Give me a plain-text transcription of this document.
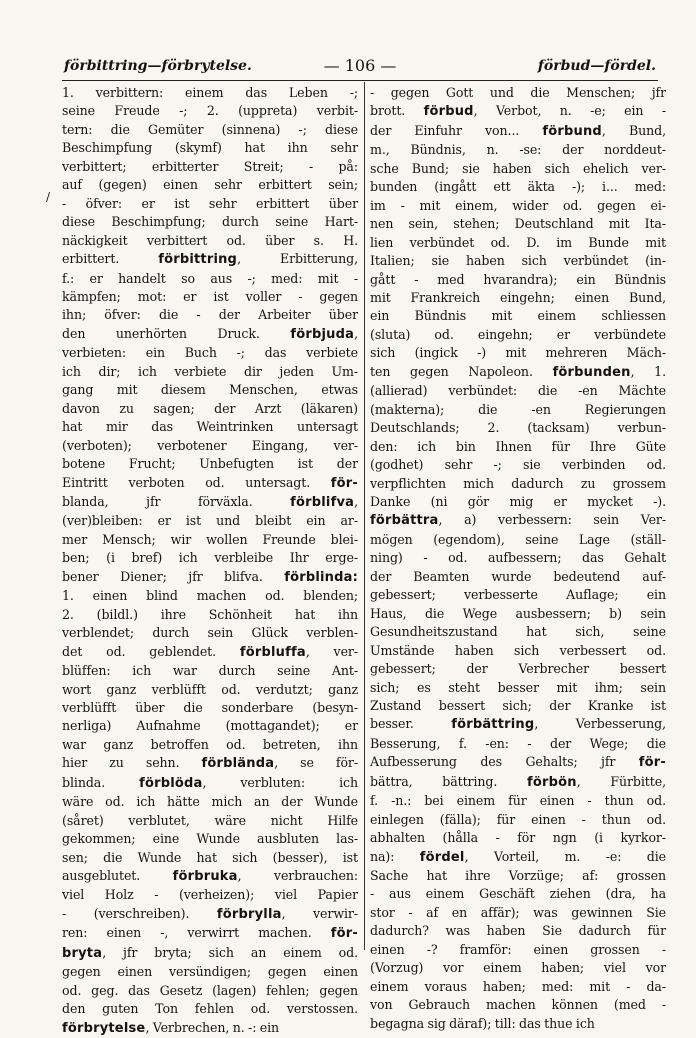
förbittring—förbrytelse.	— 106 —	förbud—fördel.
/
1. verbittern: einem das Leben -;
seine Freude -; 2. (uppreta) verbit-
tern: die Gemüter (sinnena) -; diese
Beschimpfung (skymf) hat ihn sehr
verbittert; erbitterter Streit; - på:
auf (gegen) einen sehr erbittert sein;
- öfver: er ist sehr erbittert über
diese Beschimpfung; durch seine Hart-
näckigkeit verbittert od. über s. H.
erbittert. förbittring, Erbitterung,
f.: er handelt so aus -; med: mit -
kämpfen; mot: er ist voller - gegen
ihn; öfver: die - der Arbeiter über
den unerhörten Druck. förbjuda,
verbieten: ein Buch -; das verbiete
ich dir; ich verbiete dir jeden Um-
gang mit diesem Menschen, etwas
davon zu sagen; der Arzt (läkaren)
hat mir das Weintrinken untersagt
(verboten); verbotener Eingang, ver-
botene Frucht; Unbefugten ist der
Eintritt verboten od. untersagt. för-
blanda, jfr förväxla. förblifva,
(ver)bleiben: er ist und bleibt ein ar-
mer Mensch; wir wollen Freunde blei-
ben; (i bref) ich verbleibe Ihr erge-
bener Diener; jfr blifva. förblinda:
1. einen blind machen od. blenden;
2. (bildl.) ihre Schönheit hat ihn
verblendet; durch sein Glück verblen-
det od. geblendet. förbluffa, ver-
blüffen: ich war durch seine Ant-
wort ganz verblüfft od. verdutzt; ganz
verblüfft über die sonderbare (besyn-
nerliga) Aufnahme (mottagandet); er
war ganz betroffen od. betreten, ihn
hier zu sehn. förblända, se för-
blinda. förblöda, verbluten: ich
wäre od. ich hätte mich an der Wunde
(såret) verblutet, wäre nicht Hilfe
gekommen; eine Wunde ausbluten las-
sen; die Wunde hat sich (besser), ist
ausgeblutet. förbruka, verbrauchen:
viel Holz - (verheizen); viel Papier
- (verschreiben). förbrylla, verwir-
ren: einen -, verwirrt machen. för-
bryta, jfr bryta; sich an einem od.
gegen einen versündigen; gegen einen
od. geg. das Gesetz (lagen) fehlen; gegen
den guten Ton fehlen od. verstossen.
förbrytelse, Verbrechen, n. -: ein
- gegen Gott und die Menschen; jfr
brott. förbud, Verbot, n. -e; ein -
der Einfuhr von... förbund, Bund,
m., Bündnis, n. -se: der norddeut-
sche Bund; sie haben sich ehelich ver-
bunden (ingått ett äkta -); i... med:
im - mit einem, wider od. gegen ei-
nen sein, stehen; Deutschland mit Ita-
lien verbündet od. D. im Bunde mit
Italien; sie haben sich verbündet (in-
gått - med hvarandra); ein Bündnis
mit Frankreich eingehn; einen Bund,
ein Bündnis mit einem schliessen
(sluta) od. eingehn; er verbündete
sich (ingick -) mit mehreren Mäch-
ten gegen Napoleon. förbunden, 1.
(allierad) verbündet: die -en Mächte
(makterna); die -en Regierungen
Deutschlands; 2. (tacksam) verbun-
den: ich bin Ihnen für Ihre Güte
(godhet) sehr -; sie verbinden od.
verpflichten mich dadurch zu grossem
Danke (ni gör mig er mycket -).
förbättra, a) verbessern: sein Ver-
mögen (egendom), seine Lage (ställ-
ning) - od. aufbessern; das Gehalt
der Beamten wurde bedeutend auf-
gebessert; verbesserte Auflage; ein
Haus, die Wege ausbessern; b) sein
Gesundheitszustand hat sich, seine
Umstände haben sich verbessert od.
gebessert; der Verbrecher bessert
sich; es steht besser mit ihm; sein
Zustand bessert sich; der Kranke ist
besser. förbättring, Verbesserung,
Besserung, f. -en: - der Wege; die
Aufbesserung des Gehalts; jfr för-
bättra, bättring. förbön, Fürbitte,
f. -n.: bei einem für einen - thun od.
einlegen (fälla); für einen - thun od.
abhalten (hålla - för ngn (i kyrkor-
na): fördel, Vorteil, m. -e: die
Sache hat ihre Vorzüge; af: grossen
- aus einem Geschäft ziehen (dra, ha
stor - af en affär); was gewinnen Sie
dadurch? was haben Sie dadurch für
einen -? framför: einen grossen -
(Vorzug) vor einem haben; viel vor
einem voraus haben; med: mit - da-
von Gebrauch machen können (med -
begagna sig däraf); till: das thue ich
